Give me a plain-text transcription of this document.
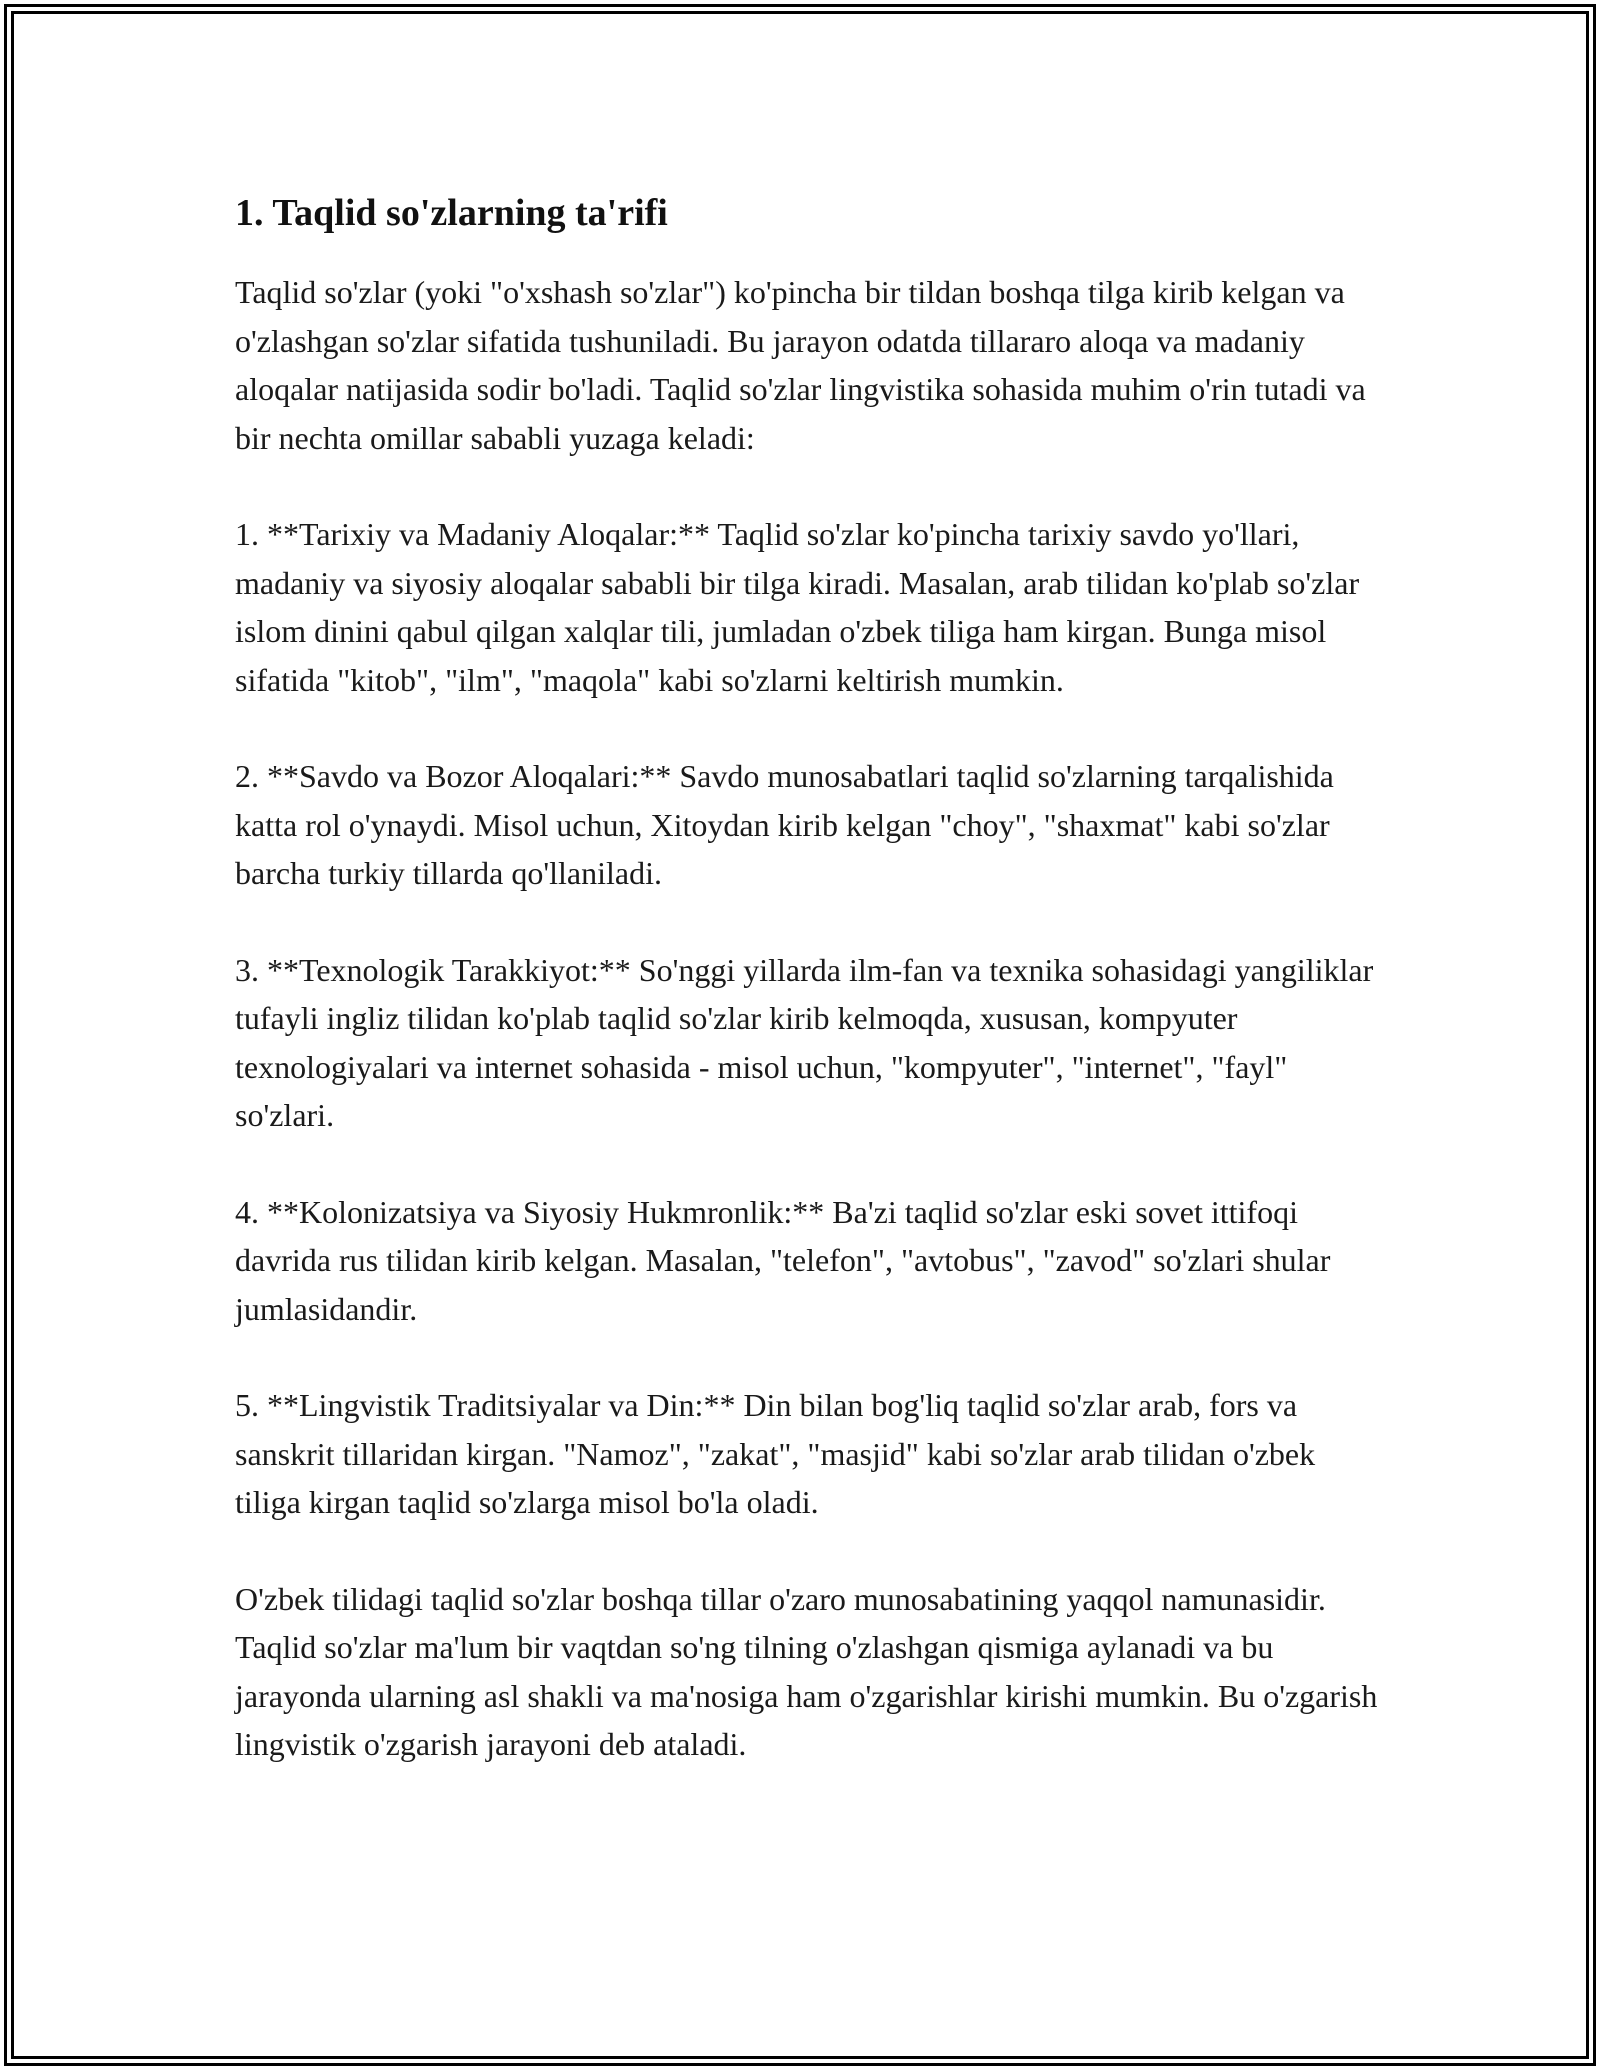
1. Taqlid so'zlarning ta'rifi

Taqlid so'zlar (yoki "o'xshash so'zlar") ko'pincha bir tildan boshqa tilga kirib kelgan va o'zlashgan so'zlar sifatida tushuniladi. Bu jarayon odatda tillararo aloqa va madaniy aloqalar natijasida sodir bo'ladi. Taqlid so'zlar lingvistika sohasida muhim o'rin tutadi va bir nechta omillar sababli yuzaga keladi:

1. **Tarixiy va Madaniy Aloqalar:** Taqlid so'zlar ko'pincha tarixiy savdo yo'llari, madaniy va siyosiy aloqalar sababli bir tilga kiradi. Masalan, arab tilidan ko'plab so'zlar islom dinini qabul qilgan xalqlar tili, jumladan o'zbek tiliga ham kirgan. Bunga misol sifatida "kitob", "ilm", "maqola" kabi so'zlarni keltirish mumkin.

2. **Savdo va Bozor Aloqalari:** Savdo munosabatlari taqlid so'zlarning tarqalishida katta rol o'ynaydi. Misol uchun, Xitoydan kirib kelgan "choy", "shaxmat" kabi so'zlar barcha turkiy tillarda qo'llaniladi.

3. **Texnologik Tarakkiyot:** So'nggi yillarda ilm-fan va texnika sohasidagi yangiliklar tufayli ingliz tilidan ko'plab taqlid so'zlar kirib kelmoqda, xususan, kompyuter texnologiyalari va internet sohasida - misol uchun, "kompyuter", "internet", "fayl" so'zlari.

4. **Kolonizatsiya va Siyosiy Hukmronlik:** Ba'zi taqlid so'zlar eski sovet ittifoqi davrida rus tilidan kirib kelgan. Masalan, "telefon", "avtobus", "zavod" so'zlari shular jumlasidandir.

5. **Lingvistik Traditsiyalar va Din:** Din bilan bog'liq taqlid so'zlar arab, fors va sanskrit tillaridan kirgan. "Namoz", "zakat", "masjid" kabi so'zlar arab tilidan o'zbek tiliga kirgan taqlid so'zlarga misol bo'la oladi.

O'zbek tilidagi taqlid so'zlar boshqa tillar o'zaro munosabatining yaqqol namunasidir. Taqlid so'zlar ma'lum bir vaqtdan so'ng tilning o'zlashgan qismiga aylanadi va bu jarayonda ularning asl shakli va ma'nosiga ham o'zgarishlar kirishi mumkin. Bu o'zgarish lingvistik o'zgarish jarayoni deb ataladi.
